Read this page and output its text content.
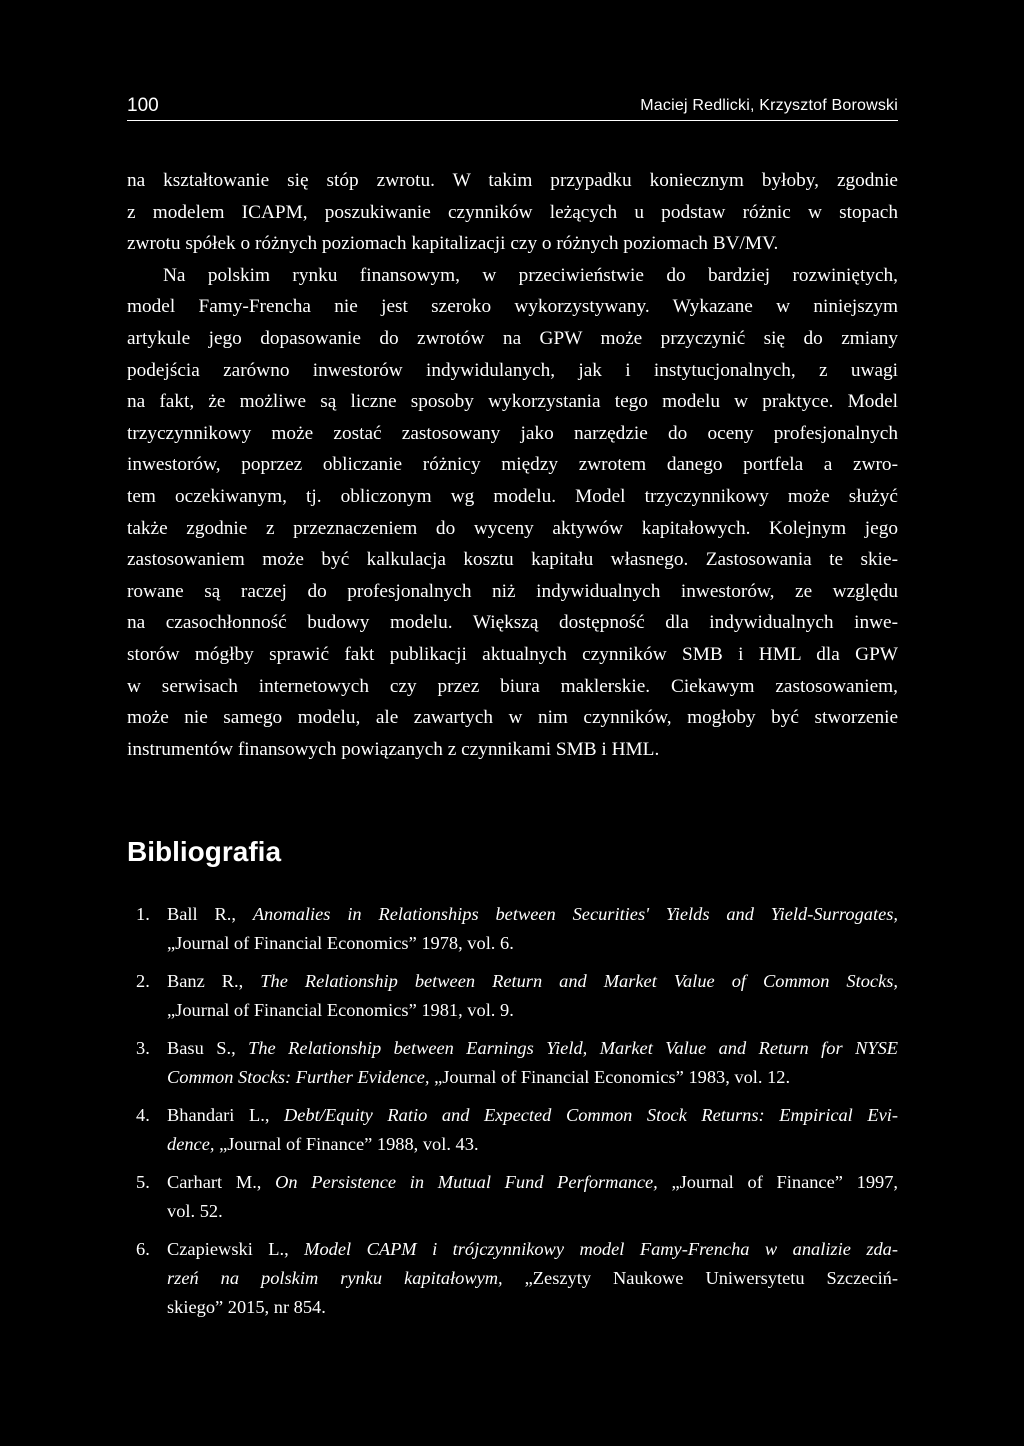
100	Maciej Redlicki, Krzysztof Borowski
na kształtowanie się stóp zwrotu. W takim przypadku koniecznym byłoby, zgodnie
z modelem ICAPM, poszukiwanie czynników leżących u podstaw różnic w stopach
zwrotu spółek o różnych poziomach kapitalizacji czy o różnych poziomach BV/MV.
Na polskim rynku finansowym, w przeciwieństwie do bardziej rozwiniętych,
model Famy-Frencha nie jest szeroko wykorzystywany. Wykazane w niniejszym
artykule jego dopasowanie do zwrotów na GPW może przyczynić się do zmiany
podejścia zarówno inwestorów indywidulanych, jak i instytucjonalnych, z uwagi
na fakt, że możliwe są liczne sposoby wykorzystania tego modelu w praktyce. Model
trzyczynnikowy może zostać zastosowany jako narzędzie do oceny profesjonalnych
inwestorów, poprzez obliczanie różnicy między zwrotem danego portfela a zwro-
tem oczekiwanym, tj. obliczonym wg modelu. Model trzyczynnikowy może służyć
także zgodnie z przeznaczeniem do wyceny aktywów kapitałowych. Kolejnym jego
zastosowaniem może być kalkulacja kosztu kapitału własnego. Zastosowania te skie-
rowane są raczej do profesjonalnych niż indywidualnych inwestorów, ze względu
na czasochłonność budowy modelu. Większą dostępność dla indywidualnych inwe-
storów mógłby sprawić fakt publikacji aktualnych czynników SMB i HML dla GPW
w serwisach internetowych czy przez biura maklerskie. Ciekawym zastosowaniem,
może nie samego modelu, ale zawartych w nim czynników, mogłoby być stworzenie
instrumentów finansowych powiązanych z czynnikami SMB i HML.
Bibliografia
1. Ball R., Anomalies in Relationships between Securities' Yields and Yield-Surrogates,
„Journal of Financial Economics” 1978, vol. 6.
2. Banz R., The Relationship between Return and Market Value of Common Stocks,
„Journal of Financial Economics” 1981, vol. 9.
3. Basu S., The Relationship between Earnings Yield, Market Value and Return for NYSE
Common Stocks: Further Evidence, „Journal of Financial Economics” 1983, vol. 12.
4. Bhandari L., Debt/Equity Ratio and Expected Common Stock Returns: Empirical Evi-
dence, „Journal of Finance” 1988, vol. 43.
5. Carhart M., On Persistence in Mutual Fund Performance, „Journal of Finance” 1997,
vol. 52.
6. Czapiewski L., Model CAPM i trójczynnikowy model Famy-Frencha w analizie zda-
rzeń na polskim rynku kapitałowym, „Zeszyty Naukowe Uniwersytetu Szczeciń-
skiego” 2015, nr 854.
